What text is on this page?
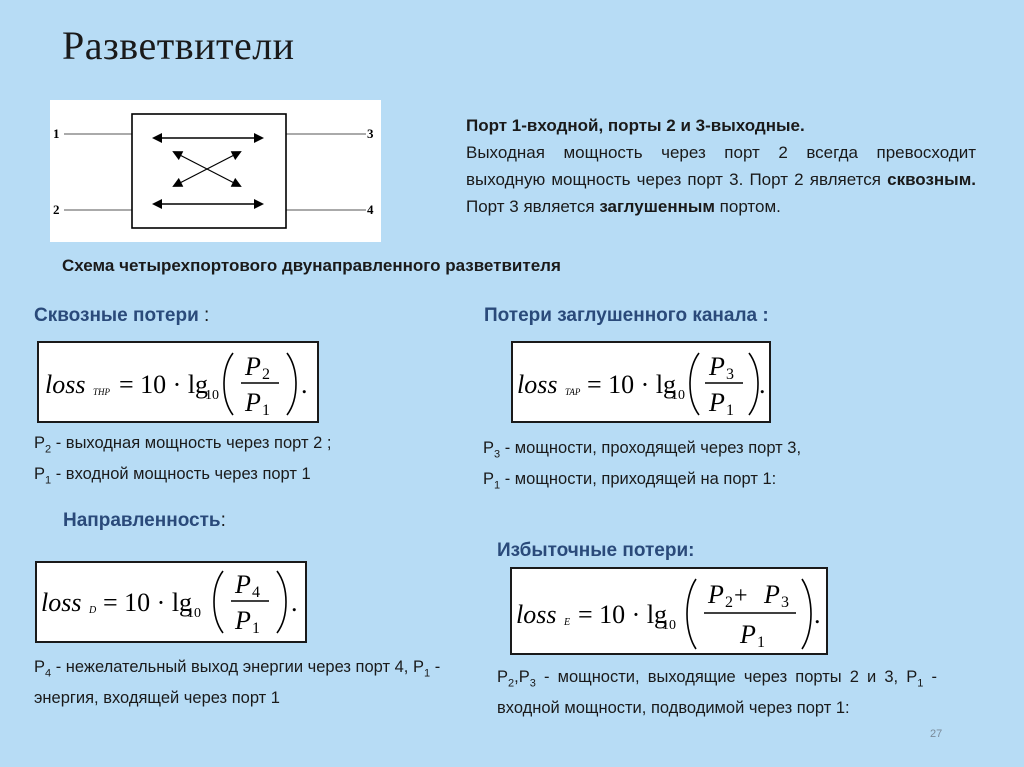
Разветвители
1
2
3
4
Порт 1-входной, порты 2 и 3-выходные.
Выходная мощность через порт 2 всегда превосходит выходную мощность через порт 3. Порт 2 является сквозным. Порт 3 является заглушенным портом.
Схема четырехпортового двунаправленного разветвителя
Сквозные потери :
loss THP = 10 · lg
10
P 2
P 1
.
$P_2$ - выходная мощность через порт 2 ;
$P_1$ - входной мощность через порт 1
Потери заглушенного канала :
loss TAP = 10 · lg
10
P 3
P 1
.
$P_3$ - мощности, проходящей через порт 3,
$P_1$ - мощности, приходящей на порт 1:
Направленность:
loss D = 10 · lg
10
P 4
P 1
.
$P_4$ - нежелательный выход энергии через порт 4, $P_1$ - энергия, входящей через порт 1
Избыточные потери:
loss E = 10 · lg
10
P 2 + P 3
P 1
.
$P_2,P_3$ - мощности, выходящие через порты 2 и 3, $P_1$ - входной мощности, подводимой через порт 1:
27
